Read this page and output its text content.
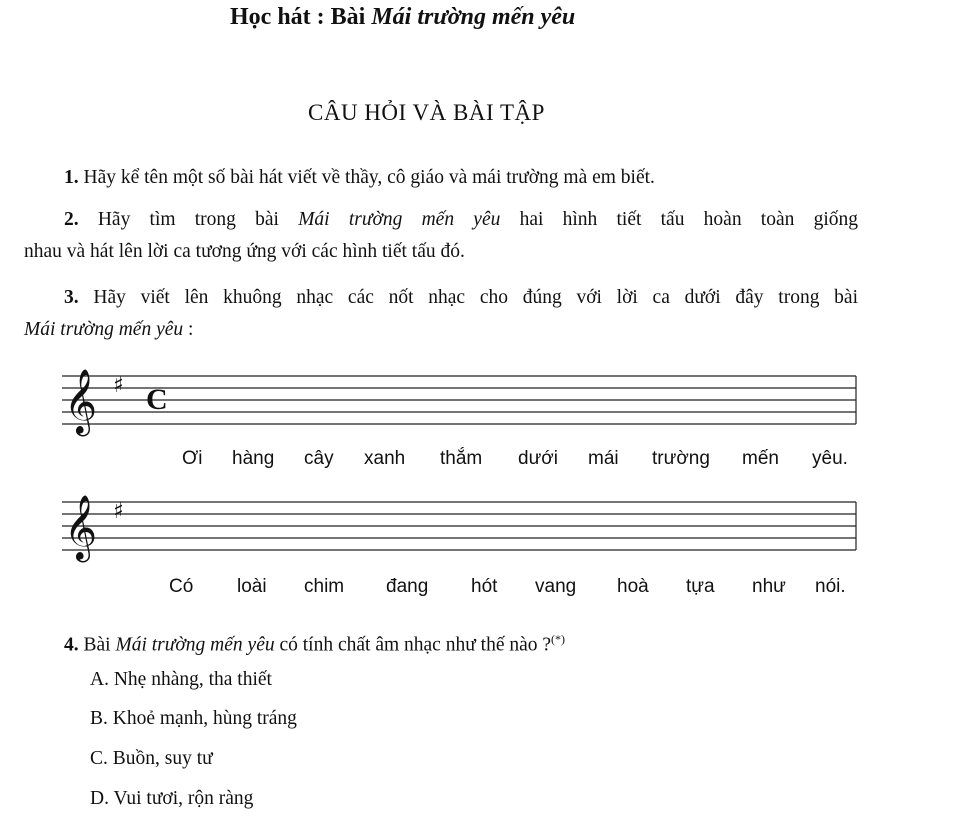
Học hát : Bài Mái trường mến yêu
CÂU HỎI VÀ BÀI TẬP
1. Hãy kể tên một số bài hát viết về thầy, cô giáo và mái trường mà em biết.
2. Hãy tìm trong bài Mái trường mến yêu hai hình tiết tấu hoàn toàn giống
nhau và hát lên lời ca tương ứng với các hình tiết tấu đó.
3. Hãy viết lên khuông nhạc các nốt nhạc cho đúng với lời ca dưới đây trong bài
Mái trường mến yêu :
𝄞 ♯ C
Ơi hàng cây xanh thắm dưới mái trường mến yêu.
𝄞 ♯
Có loài chim đang hót vang hoà tựa như nói.
4. Bài Mái trường mến yêu có tính chất âm nhạc như thế nào ?(*)
A. Nhẹ nhàng, tha thiết
B. Khoẻ mạnh, hùng tráng
C. Buồn, suy tư
D. Vui tươi, rộn ràng
